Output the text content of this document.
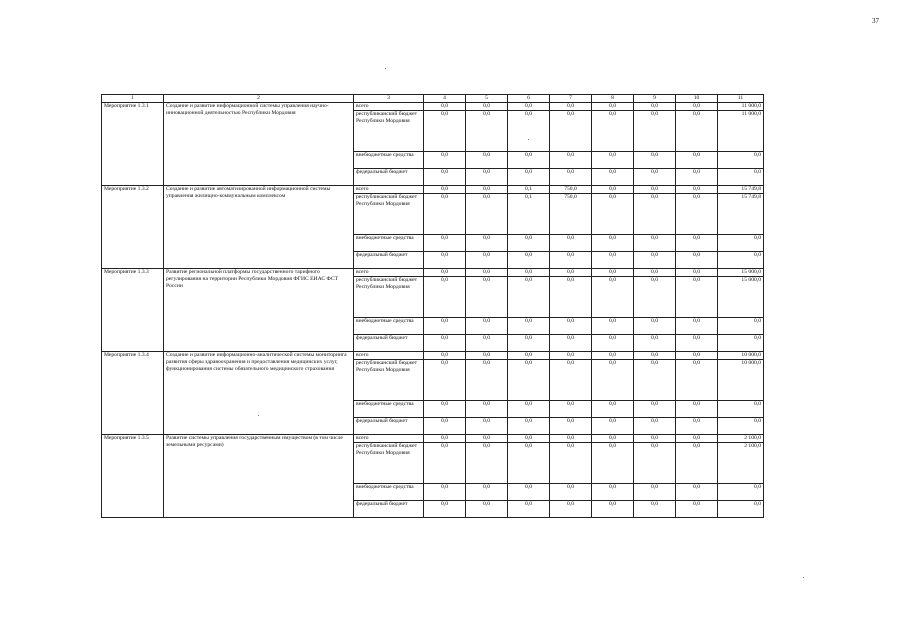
37
1	2	3	4	5	6	7	8	9	10	11
Мероприятие 1.3.1	Создание и развитие информационной системы управления научно-инновационной деятельностью Республики Мордовия	всего	0,0	0,0	0,0	0,0	0,0	0,0	0,0	11 000,0
		республиканский бюджет Республики Мордовия	0,0	0,0	0,0	0,0	0,0	0,0	0,0	11 000,0
		внебюджетные средства	0,0	0,0	0,0	0,0	0,0	0,0	0,0	0,0
		федеральный бюджет	0,0	0,0	0,0	0,0	0,0	0,0	0,0	0,0
Мероприятие 1.3.2	Создание и развитие автоматизированной информационной системы управления жилищно-коммунальным комплексом	всего	0,0	0,0	0,1	750,0	0,0	0,0	0,0	15 749,8
		республиканский бюджет Республики Мордовия	0,0	0,0	0,1	750,0	0,0	0,0	0,0	15 749,8
		внебюджетные средства	0,0	0,0	0,0	0,0	0,0	0,0	0,0	0,0
		федеральный бюджет	0,0	0,0	0,0	0,0	0,0	0,0	0,0	0,0
Мероприятие 1.3.3	Развитие региональной платформы государственного тарифного регулирования на территории Республики Мордовия ФГИС ЕИАС ФСТ России	всего	0,0	0,0	0,0	0,0	0,0	0,0	0,0	15 000,0
		республиканский бюджет Республики Мордовия	0,0	0,0	0,0	0,0	0,0	0,0	0,0	15 000,0
		внебюджетные средства	0,0	0,0	0,0	0,0	0,0	0,0	0,0	0,0
		федеральный бюджет	0,0	0,0	0,0	0,0	0,0	0,0	0,0	0,0
Мероприятие 1.3.4	Создание и развитие информационно-аналитической системы мониторинга развития сферы здравоохранения и предоставления медицинских услуг, функционирования системы обязательного медицинского страхования	всего	0,0	0,0	0,0	0,0	0,0	0,0	0,0	10 000,0
		республиканский бюджет Республики Мордовия	0,0	0,0	0,0	0,0	0,0	0,0	0,0	10 000,0
		внебюджетные средства	0,0	0,0	0,0	0,0	0,0	0,0	0,0	0,0
		федеральный бюджет	0,0	0,0	0,0	0,0	0,0	0,0	0,0	0,0
Мероприятие 1.3.5	Развитие системы управления государственным имуществом (в том числе земельными ресурсами)	всего	0,0	0,0	0,0	0,0	0,0	0,0	0,0	2 100,0
		республиканский бюджет Республики Мордовия	0,0	0,0	0,0	0,0	0,0	0,0	0,0	2 100,0
		внебюджетные средства	0,0	0,0	0,0	0,0	0,0	0,0	0,0	0,0
		федеральный бюджет	0,0	0,0	0,0	0,0	0,0	0,0	0,0	0,0
